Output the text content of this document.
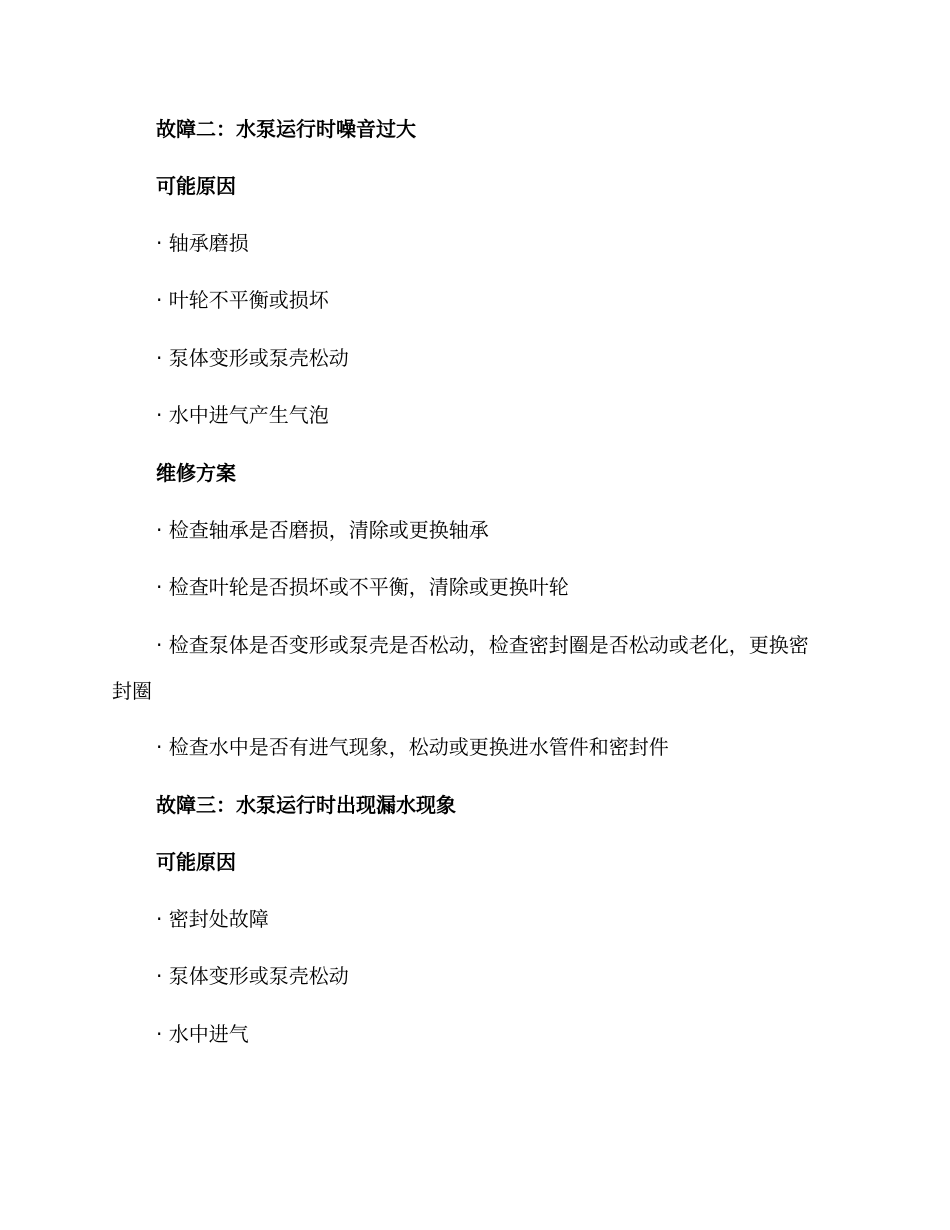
故障二：水泵运行时噪音过大
可能原因
· 轴承磨损
· 叶轮不平衡或损坏
· 泵体变形或泵壳松动
· 水中进气产生气泡
维修方案
· 检查轴承是否磨损，清除或更换轴承
· 检查叶轮是否损坏或不平衡，清除或更换叶轮
· 检查泵体是否变形或泵壳是否松动，检查密封圈是否松动或老化，更换密封圈
· 检查水中是否有进气现象，松动或更换进水管件和密封件
故障三：水泵运行时出现漏水现象
可能原因
· 密封处故障
· 泵体变形或泵壳松动
· 水中进气
